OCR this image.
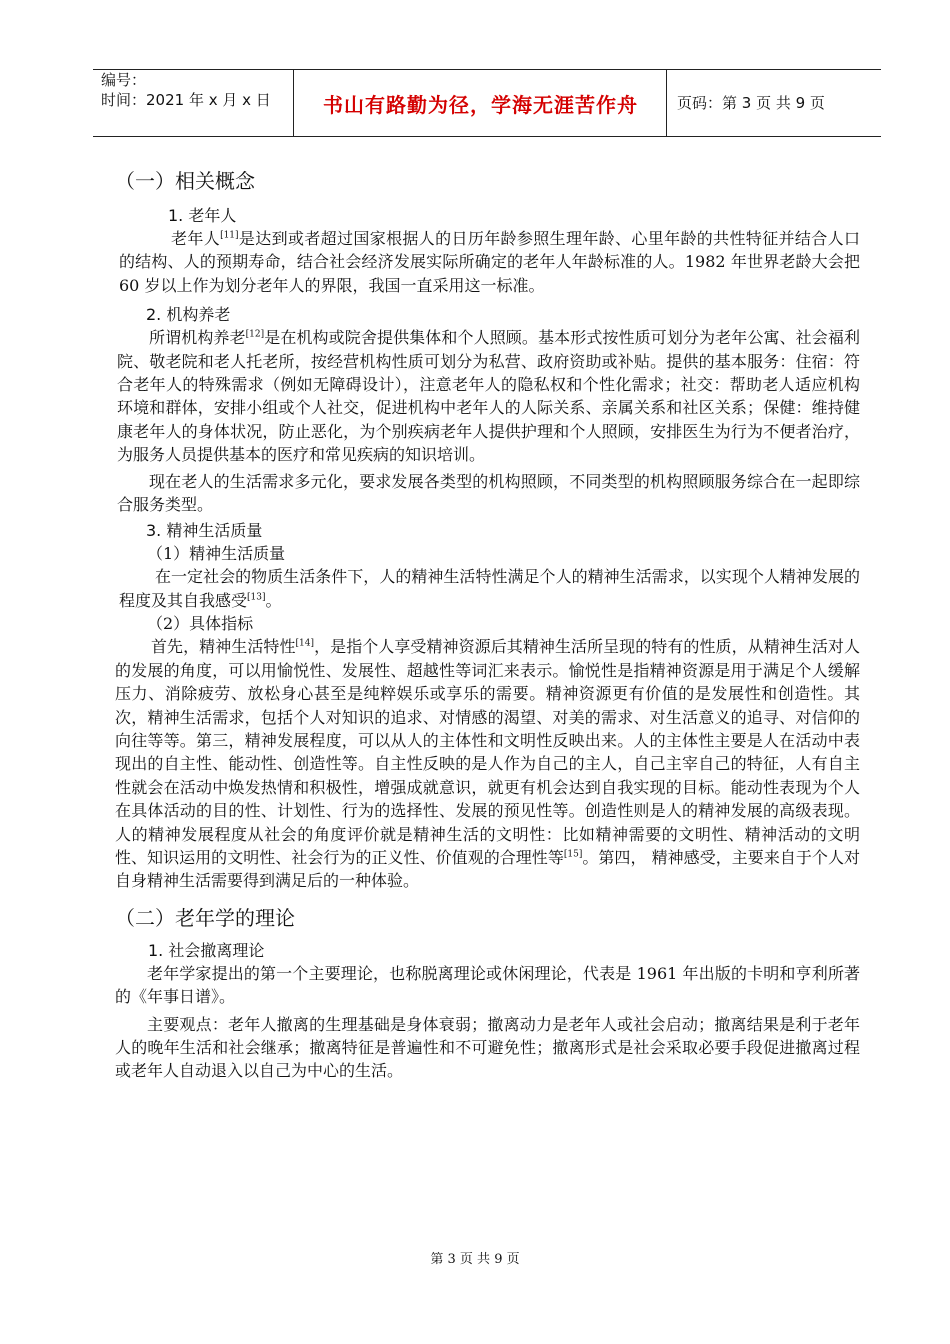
编号：
时间：2021 年 x 月 x 日	书山有路勤为径，学海无涯苦作舟	页码：第 3 页 共 9 页
（一）相关概念
1. 老年人

老年人[11]是达到或者超过国家根据人的日历年龄参照生理年龄、心里年龄的共性特征并结合人口的结构、人的预期寿命，结合社会经济发展实际所确定的老年人年龄标准的人。1982 年世界老龄大会把 60 岁以上作为划分老年人的界限，我国一直采用这一标准。

2. 机构养老

所谓机构养老[12]是在机构或院舍提供集体和个人照顾。基本形式按性质可划分为老年公寓、社会福利院、敬老院和老人托老所，按经营机构性质可划分为私营、政府资助或补贴。提供的基本服务：住宿：符合老年人的特殊需求（例如无障碍设计），注意老年人的隐私权和个性化需求；社交：帮助老人适应机构环境和群体，安排小组或个人社交，促进机构中老年人的人际关系、亲属关系和社区关系；保健：维持健康老年人的身体状况，防止恶化，为个别疾病老年人提供护理和个人照顾，安排医生为行为不便者治疗，为服务人员提供基本的医疗和常见疾病的知识培训。

现在老人的生活需求多元化，要求发展各类型的机构照顾，不同类型的机构照顾服务综合在一起即综合服务类型。

3. 精神生活质量
（1）精神生活质量

在一定社会的物质生活条件下，人的精神生活特性满足个人的精神生活需求，以实现个人精神发展的程度及其自我感受[13]。

（2）具体指标

首先，精神生活特性[14]，是指个人享受精神资源后其精神生活所呈现的特有的性质，从精神生活对人的发展的角度，可以用愉悦性、发展性、超越性等词汇来表示。愉悦性是指精神资源是用于满足个人缓解压力、消除疲劳、放松身心甚至是纯粹娱乐或享乐的需要。精神资源更有价值的是发展性和创造性。其次，精神生活需求，包括个人对知识的追求、对情感的渴望、对美的需求、对生活意义的追寻、对信仰的向往等等。第三，精神发展程度，可以从人的主体性和文明性反映出来。人的主体性主要是人在活动中表现出的自主性、能动性、创造性等。自主性反映的是人作为自己的主人，自己主宰自己的特征，人有自主性就会在活动中焕发热情和积极性，增强成就意识，就更有机会达到自我实现的目标。能动性表现为个人在具体活动的目的性、计划性、行为的选择性、发展的预见性等。创造性则是人的精神发展的高级表现。人的精神发展程度从社会的角度评价就是精神生活的文明性：比如精神需要的文明性、精神活动的文明性、知识运用的文明性、社会行为的正义性、价值观的合理性等[15]。第四， 精神感受，主要来自于个人对自身精神生活需要得到满足后的一种体验。

（二）老年学的理论
1. 社会撤离理论

老年学家提出的第一个主要理论，也称脱离理论或休闲理论，代表是 1961 年出版的卡明和亨利所著的《年事日谱》。

主要观点：老年人撤离的生理基础是身体衰弱；撤离动力是老年人或社会启动；撤离结果是利于老年人的晚年生活和社会继承；撤离特征是普遍性和不可避免性；撤离形式是社会采取必要手段促进撤离过程或老年人自动退入以自己为中心的生活。

第 3 页 共 9 页
